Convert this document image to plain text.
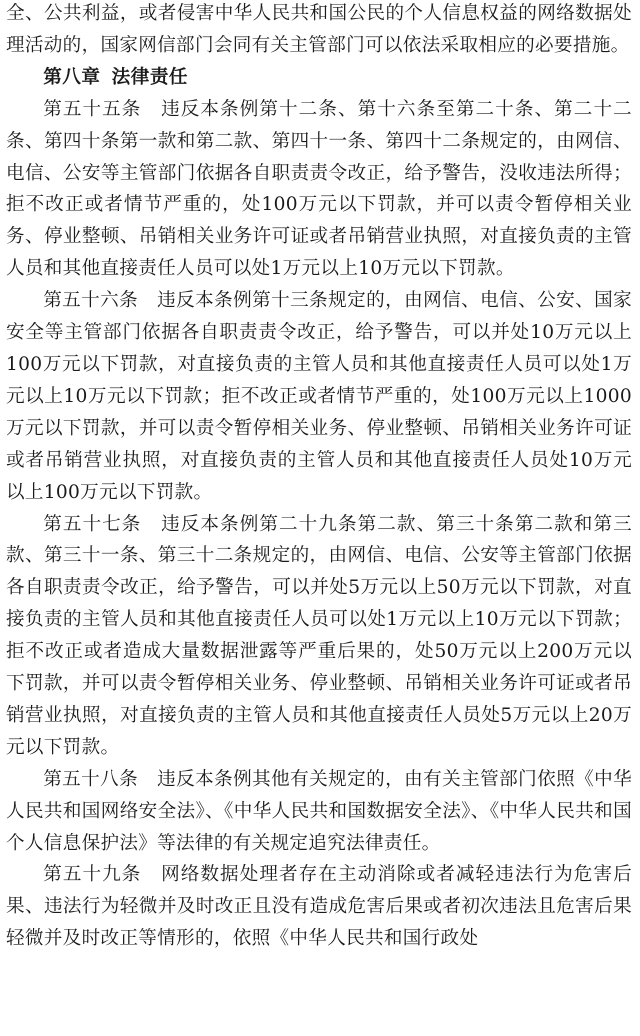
全、公共利益，或者侵害中华人民共和国公民的个人信息权益的网络数据处理活动的，国家网信部门会同有关主管部门可以依法采取相应的必要措施。

第八章 法律责任

第五十五条　违反本条例第十二条、第十六条至第二十条、第二十二条、第四十条第一款和第二款、第四十一条、第四十二条规定的，由网信、电信、公安等主管部门依据各自职责责令改正，给予警告，没收违法所得；拒不改正或者情节严重的，处100万元以下罚款，并可以责令暂停相关业务、停业整顿、吊销相关业务许可证或者吊销营业执照，对直接负责的主管人员和其他直接责任人员可以处1万元以上10万元以下罚款。

第五十六条　违反本条例第十三条规定的，由网信、电信、公安、国家安全等主管部门依据各自职责责令改正，给予警告，可以并处10万元以上100万元以下罚款，对直接负责的主管人员和其他直接责任人员可以处1万元以上10万元以下罚款；拒不改正或者情节严重的，处100万元以上1000万元以下罚款，并可以责令暂停相关业务、停业整顿、吊销相关业务许可证或者吊销营业执照，对直接负责的主管人员和其他直接责任人员处10万元以上100万元以下罚款。

第五十七条　违反本条例第二十九条第二款、第三十条第二款和第三款、第三十一条、第三十二条规定的，由网信、电信、公安等主管部门依据各自职责责令改正，给予警告，可以并处5万元以上50万元以下罚款，对直接负责的主管人员和其他直接责任人员可以处1万元以上10万元以下罚款；拒不改正或者造成大量数据泄露等严重后果的，处50万元以上200万元以下罚款，并可以责令暂停相关业务、停业整顿、吊销相关业务许可证或者吊销营业执照，对直接负责的主管人员和其他直接责任人员处5万元以上20万元以下罚款。

第五十八条　违反本条例其他有关规定的，由有关主管部门依照《中华人民共和国网络安全法》、《中华人民共和国数据安全法》、《中华人民共和国个人信息保护法》等法律的有关规定追究法律责任。

第五十九条　网络数据处理者存在主动消除或者减轻违法行为危害后果、违法行为轻微并及时改正且没有造成危害后果或者初次违法且危害后果轻微并及时改正等情形的，依照《中华人民共和国行政处
